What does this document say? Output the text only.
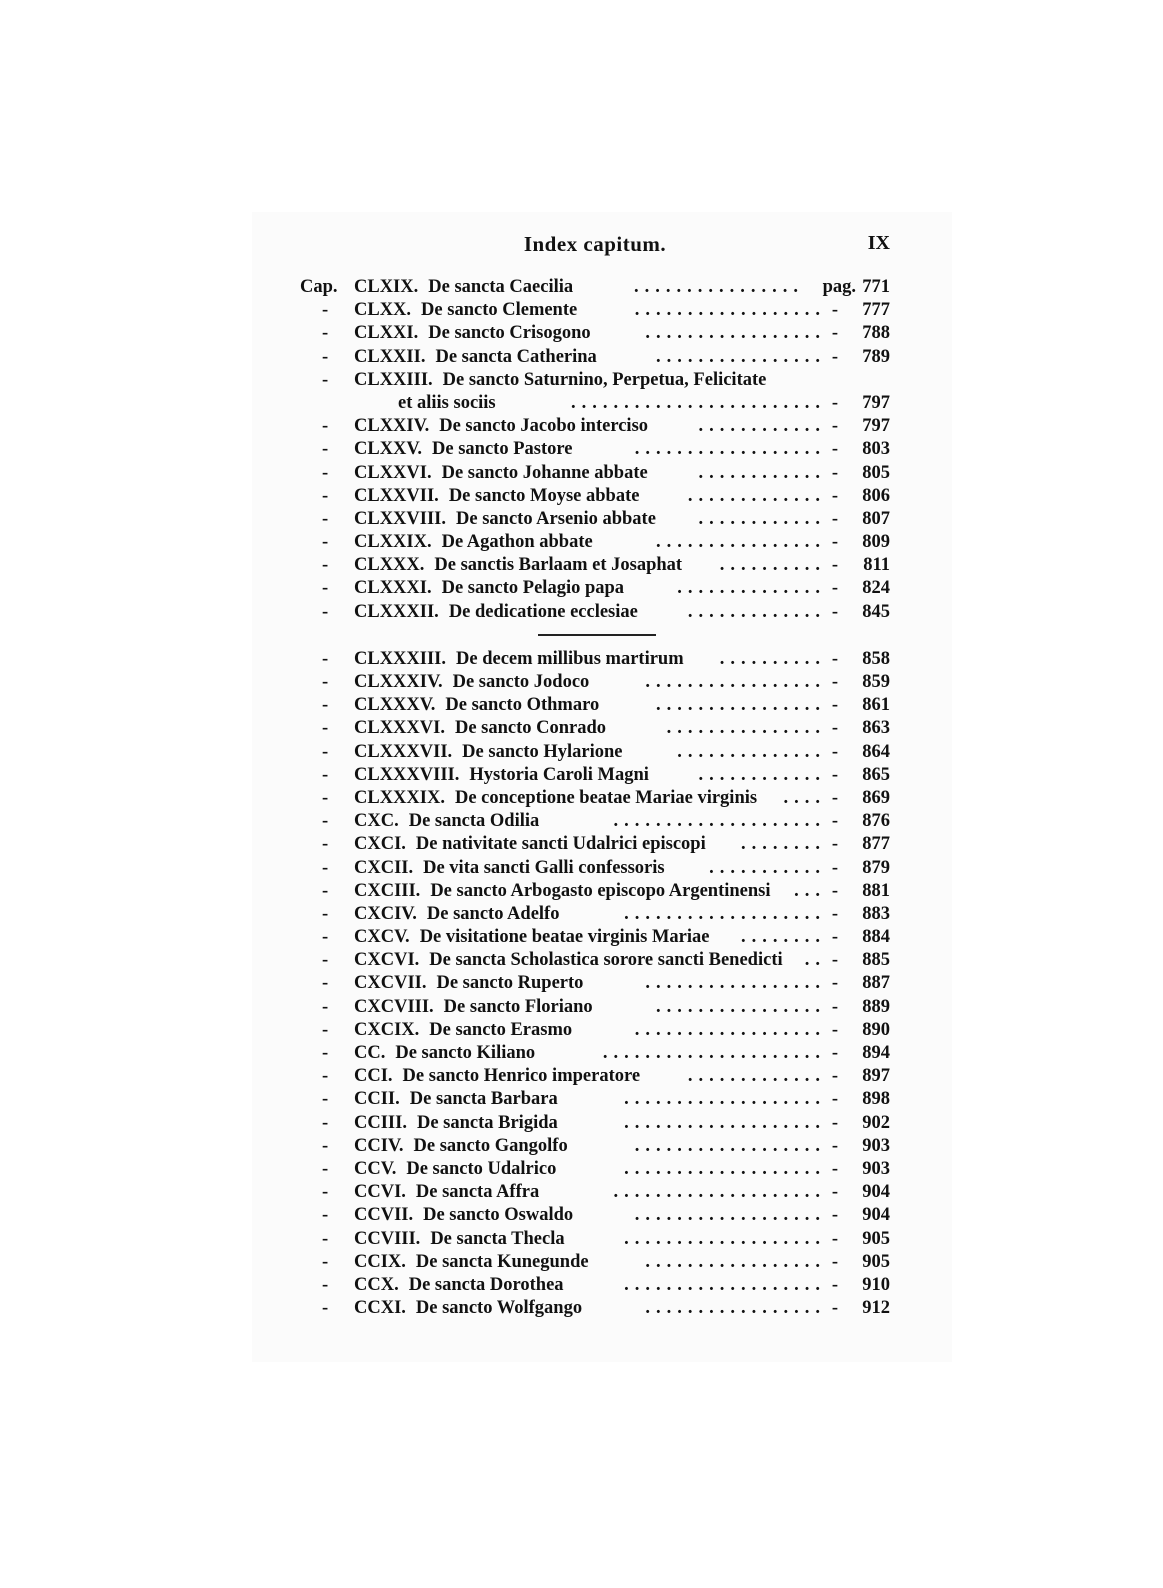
Index capitum.	IX
Cap. CLXIX. De sancta Caecilia	pag. 771
................
- CLXX. De sancto Clemente	-	777
..................
- CLXXI. De sancto Crisogono	-	788
.................
- CLXXII. De sancta Catherina	-	789
................
- CLXXIII. De sancto Saturnino, Perpetua, Felicitate
et aliis sociis	-	797
........................
- CLXXIV. De sancto Jacobo interciso	-	797
............
- CLXXV. De sancto Pastore	-	803
..................
- CLXXVI. De sancto Johanne abbate	-	805
............
- CLXXVII. De sancto Moyse abbate	-	806
.............
- CLXXVIII. De sancto Arsenio abbate	-	807
............
- CLXXIX. De Agathon abbate	-	809
................
- CLXXX. De sanctis Barlaam et Josaphat	-	811
..........
- CLXXXI. De sancto Pelagio papa	-	824
..............
- CLXXXII. De dedicatione ecclesiae	-	845
.............
- CLXXXIII. De decem millibus martirum	-	858
..........
- CLXXXIV. De sancto Jodoco	-	859
.................
- CLXXXV. De sancto Othmaro	-	861
................
- CLXXXVI. De sancto Conrado	-	863
...............
- CLXXXVII. De sancto Hylarione	-	864
..............
- CLXXXVIII. Hystoria Caroli Magni	-	865
............
- CLXXXIX. De conceptione beatae Mariae virginis	-	869
....
- CXC. De sancta Odilia	-	876
....................
- CXCI. De nativitate sancti Udalrici episcopi	-	877
........
- CXCII. De vita sancti Galli confessoris	-	879
...........
- CXCIII. De sancto Arbogasto episcopo Argentinensi	-	881
...
- CXCIV. De sancto Adelfo	-	883
...................
- CXCV. De visitatione beatae virginis Mariae	-	884
........
- CXCVI. De sancta Scholastica sorore sancti Benedicti	-	885
..
- CXCVII. De sancto Ruperto	-	887
.................
- CXCVIII. De sancto Floriano	-	889
................
- CXCIX. De sancto Erasmo	-	890
..................
- CC. De sancto Kiliano	-	894
.....................
- CCI. De sancto Henrico imperatore	-	897
.............
- CCII. De sancta Barbara	-	898
...................
- CCIII. De sancta Brigida	-	902
...................
- CCIV. De sancto Gangolfo	-	903
..................
- CCV. De sancto Udalrico	-	903
...................
- CCVI. De sancta Affra	-	904
....................
- CCVII. De sancto Oswaldo	-	904
..................
- CCVIII. De sancta Thecla	-	905
...................
- CCIX. De sancta Kunegunde	-	905
.................
- CCX. De sancta Dorothea	-	910
...................
- CCXI. De sancto Wolfgango	-	912
.................
